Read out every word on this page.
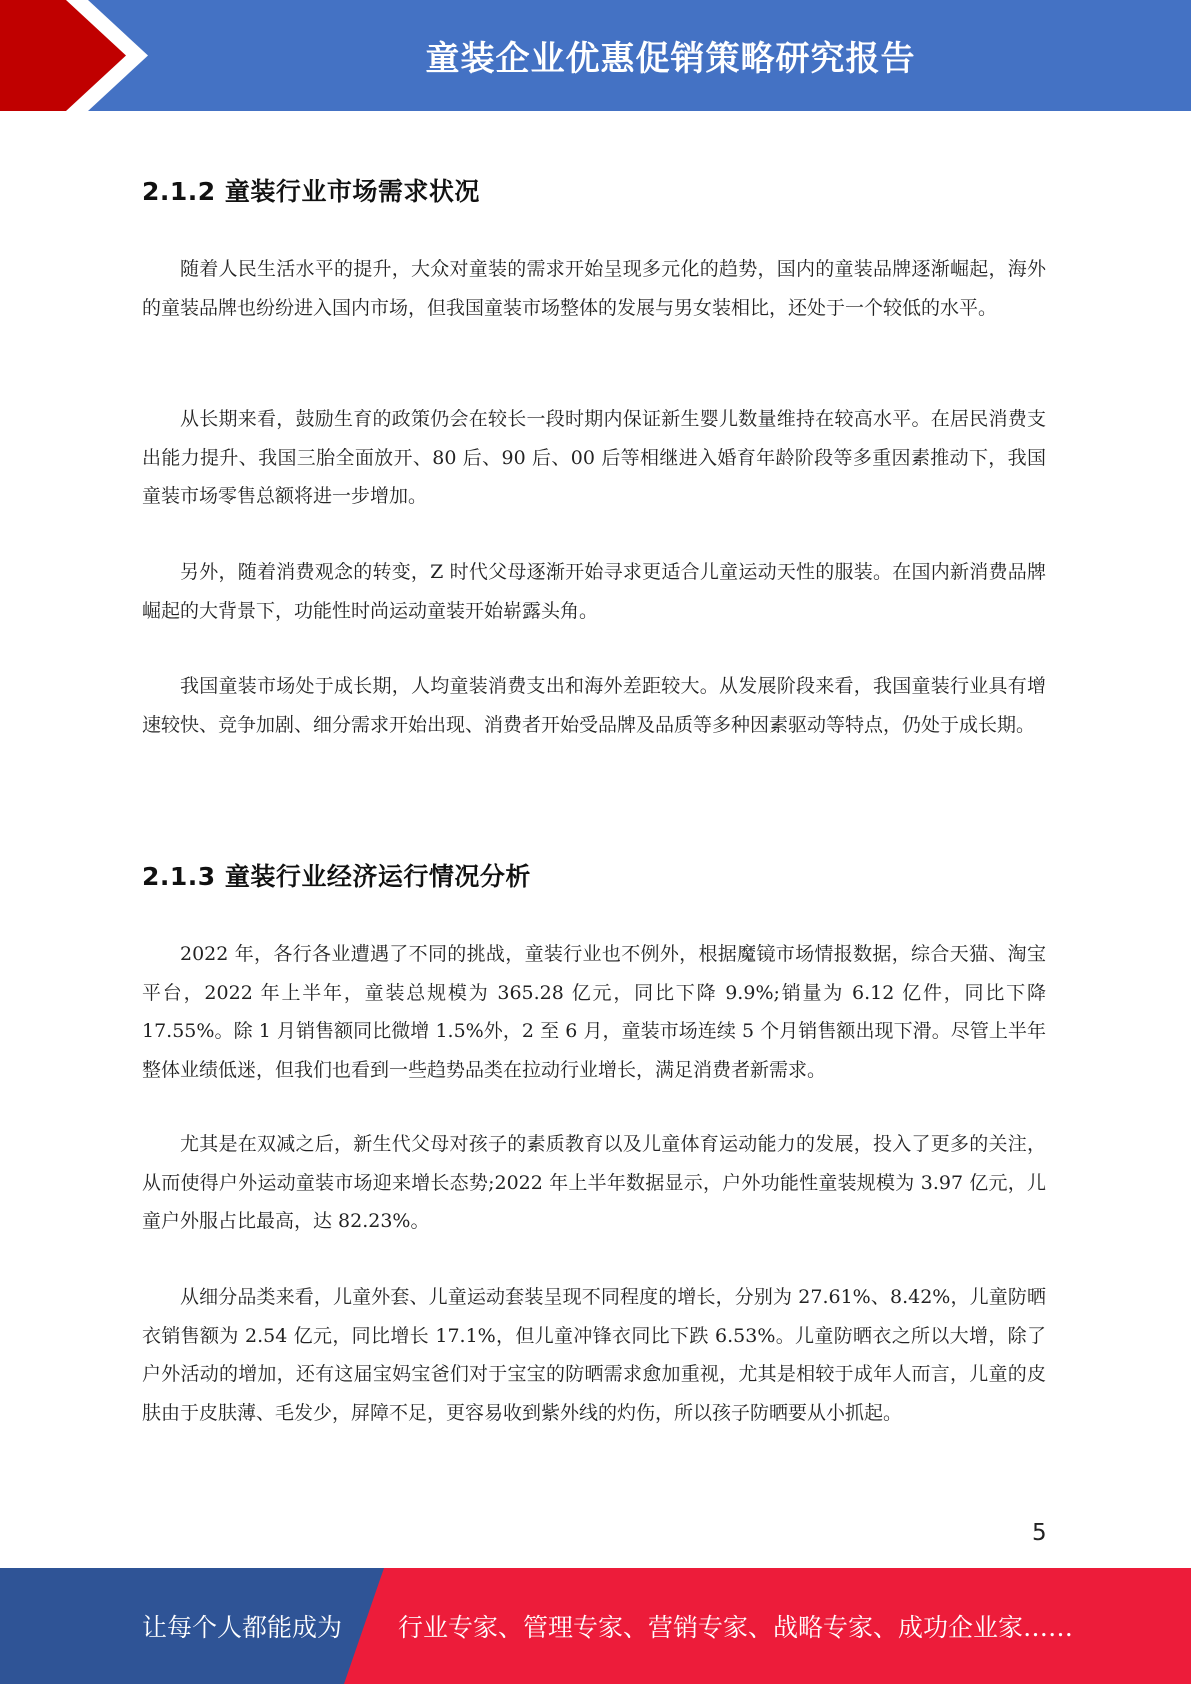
童装企业优惠促销策略研究报告
2.1.2 童装行业市场需求状况

随着人民生活水平的提升，大众对童装的需求开始呈现多元化的趋势，国内的童装品牌逐渐崛起，海外的童装品牌也纷纷进入国内市场，但我国童装市场整体的发展与男女装相比，还处于一个较低的水平。

从长期来看，鼓励生育的政策仍会在较长一段时期内保证新生婴儿数量维持在较高水平。在居民消费支出能力提升、我国三胎全面放开、80 后、90 后、00 后等相继进入婚育年龄阶段等多重因素推动下，我国童装市场零售总额将进一步增加。

另外，随着消费观念的转变，Z 时代父母逐渐开始寻求更适合儿童运动天性的服装。在国内新消费品牌崛起的大背景下，功能性时尚运动童装开始崭露头角。

我国童装市场处于成长期，人均童装消费支出和海外差距较大。从发展阶段来看，我国童装行业具有增速较快、竞争加剧、细分需求开始出现、消费者开始受品牌及品质等多种因素驱动等特点，仍处于成长期。

2.1.3 童装行业经济运行情况分析

2022 年，各行各业遭遇了不同的挑战，童装行业也不例外，根据魔镜市场情报数据，综合天猫、淘宝平台，2022 年上半年，童装总规模为 365.28 亿元，同比下降 9.9%;销量为 6.12 亿件，同比下降 17.55%。除 1 月销售额同比微增 1.5%外，2 至 6 月，童装市场连续 5 个月销售额出现下滑。尽管上半年整体业绩低迷，但我们也看到一些趋势品类在拉动行业增长，满足消费者新需求。

尤其是在双减之后，新生代父母对孩子的素质教育以及儿童体育运动能力的发展，投入了更多的关注，从而使得户外运动童装市场迎来增长态势;2022 年上半年数据显示，户外功能性童装规模为 3.97 亿元，儿童户外服占比最高，达 82.23%。

从细分品类来看，儿童外套、儿童运动套装呈现不同程度的增长，分别为 27.61%、8.42%，儿童防晒衣销售额为 2.54 亿元，同比增长 17.1%，但儿童冲锋衣同比下跌 6.53%。儿童防晒衣之所以大增，除了户外活动的增加，还有这届宝妈宝爸们对于宝宝的防晒需求愈加重视，尤其是相较于成年人而言，儿童的皮肤由于皮肤薄、毛发少，屏障不足，更容易收到紫外线的灼伤，所以孩子防晒要从小抓起。

5
让每个人都能成为 行业专家、管理专家、营销专家、战略专家、成功企业家……
